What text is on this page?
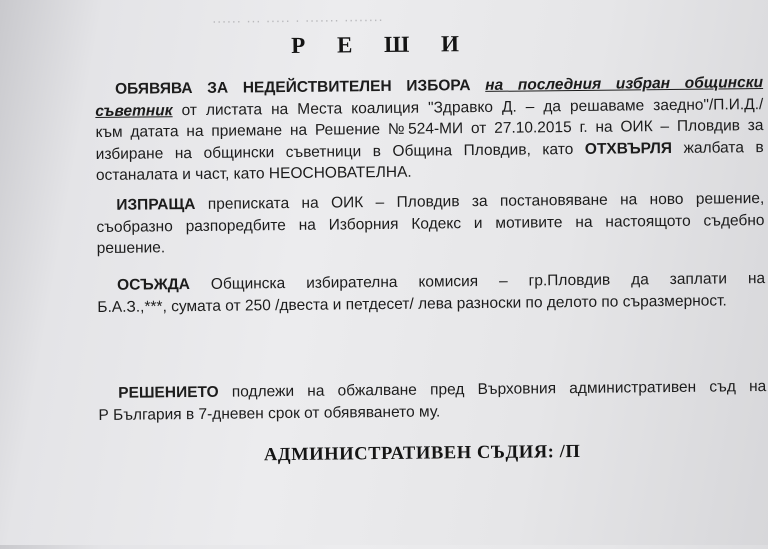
...... ... ..... . ....... ........
Р Е Ш И
ОБЯВЯВА ЗА НЕДЕЙСТВИТЕЛЕН ИЗБОРА на последния избран общински
съветник от листата на Места коалиция "Здравко Д. – да решаваме заедно"/П.И.Д./
към датата на приемане на Решение №524-МИ от 27.10.2015 г. на ОИК – Пловдив за
избиране на общински съветници в Община Пловдив, като ОТХВЪРЛЯ жалбата в
останалата и част, като НЕОСНОВАТЕЛНА.
ИЗПРАЩА преписката на ОИК – Пловдив за постановяване на ново решение,
съобразно разпоредбите на Изборния Кодекс и мотивите на настоящото съдебно
решение.
ОСЪЖДА Общинска избирателна комисия – гр.Пловдив да заплати на
Б.А.З.,***, сумата от 250 /двеста и петдесет/ лева разноски по делото по съразмерност.
РЕШЕНИЕТО подлежи на обжалване пред Върховния административен съд на
Р България в 7-дневен срок от обявяването му.
АДМИНИСТРАТИВЕН СЪДИЯ: /П
